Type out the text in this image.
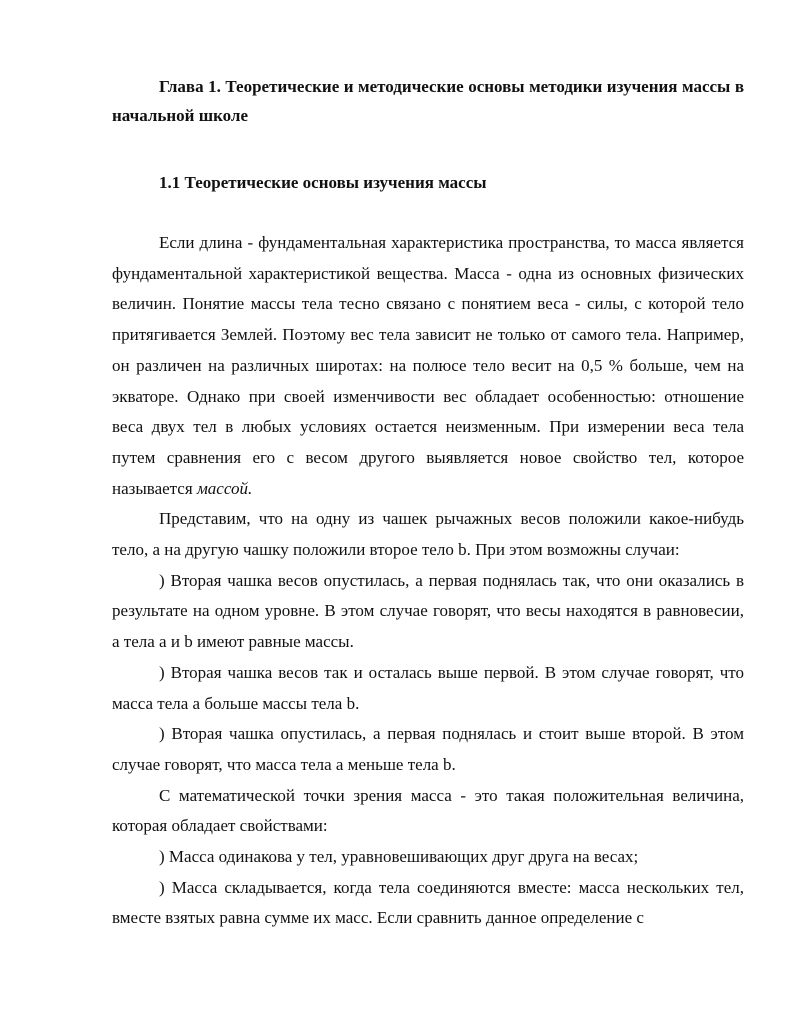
Глава 1. Теоретические и методические основы методики изучения массы в начальной школе
1.1 Теоретические основы изучения массы

Если длина - фундаментальная характеристика пространства, то масса является фундаментальной характеристикой вещества. Масса - одна из основных физических величин. Понятие массы тела тесно связано с понятием веса - силы, с которой тело притягивается Землей. Поэтому вес тела зависит не только от самого тела. Например, он различен на различных широтах: на полюсе тело весит на 0,5 % больше, чем на экваторе. Однако при своей изменчивости вес обладает особенностью: отношение веса двух тел в любых условиях остается неизменным. При измерении веса тела путем сравнения его с весом другого выявляется новое свойство тел, которое называется массой.

Представим, что на одну из чашек рычажных весов положили какое-нибудь тело, а на другую чашку положили второе тело b. При этом возможны случаи:

) Вторая чашка весов опустилась, а первая поднялась так, что они оказались в результате на одном уровне. В этом случае говорят, что весы находятся в равновесии, а тела a и b имеют равные массы.

) Вторая чашка весов так и осталась выше первой. В этом случае говорят, что масса тела a больше массы тела b.

) Вторая чашка опустилась, а первая поднялась и стоит выше второй. В этом случае говорят, что масса тела a меньше тела b.

С математической точки зрения масса - это такая положительная величина, которая обладает свойствами:

) Масса одинакова у тел, уравновешивающих друг друга на весах;

) Масса складывается, когда тела соединяются вместе: масса нескольких тел, вместе взятых равна сумме их масс. Если сравнить данное определение с
